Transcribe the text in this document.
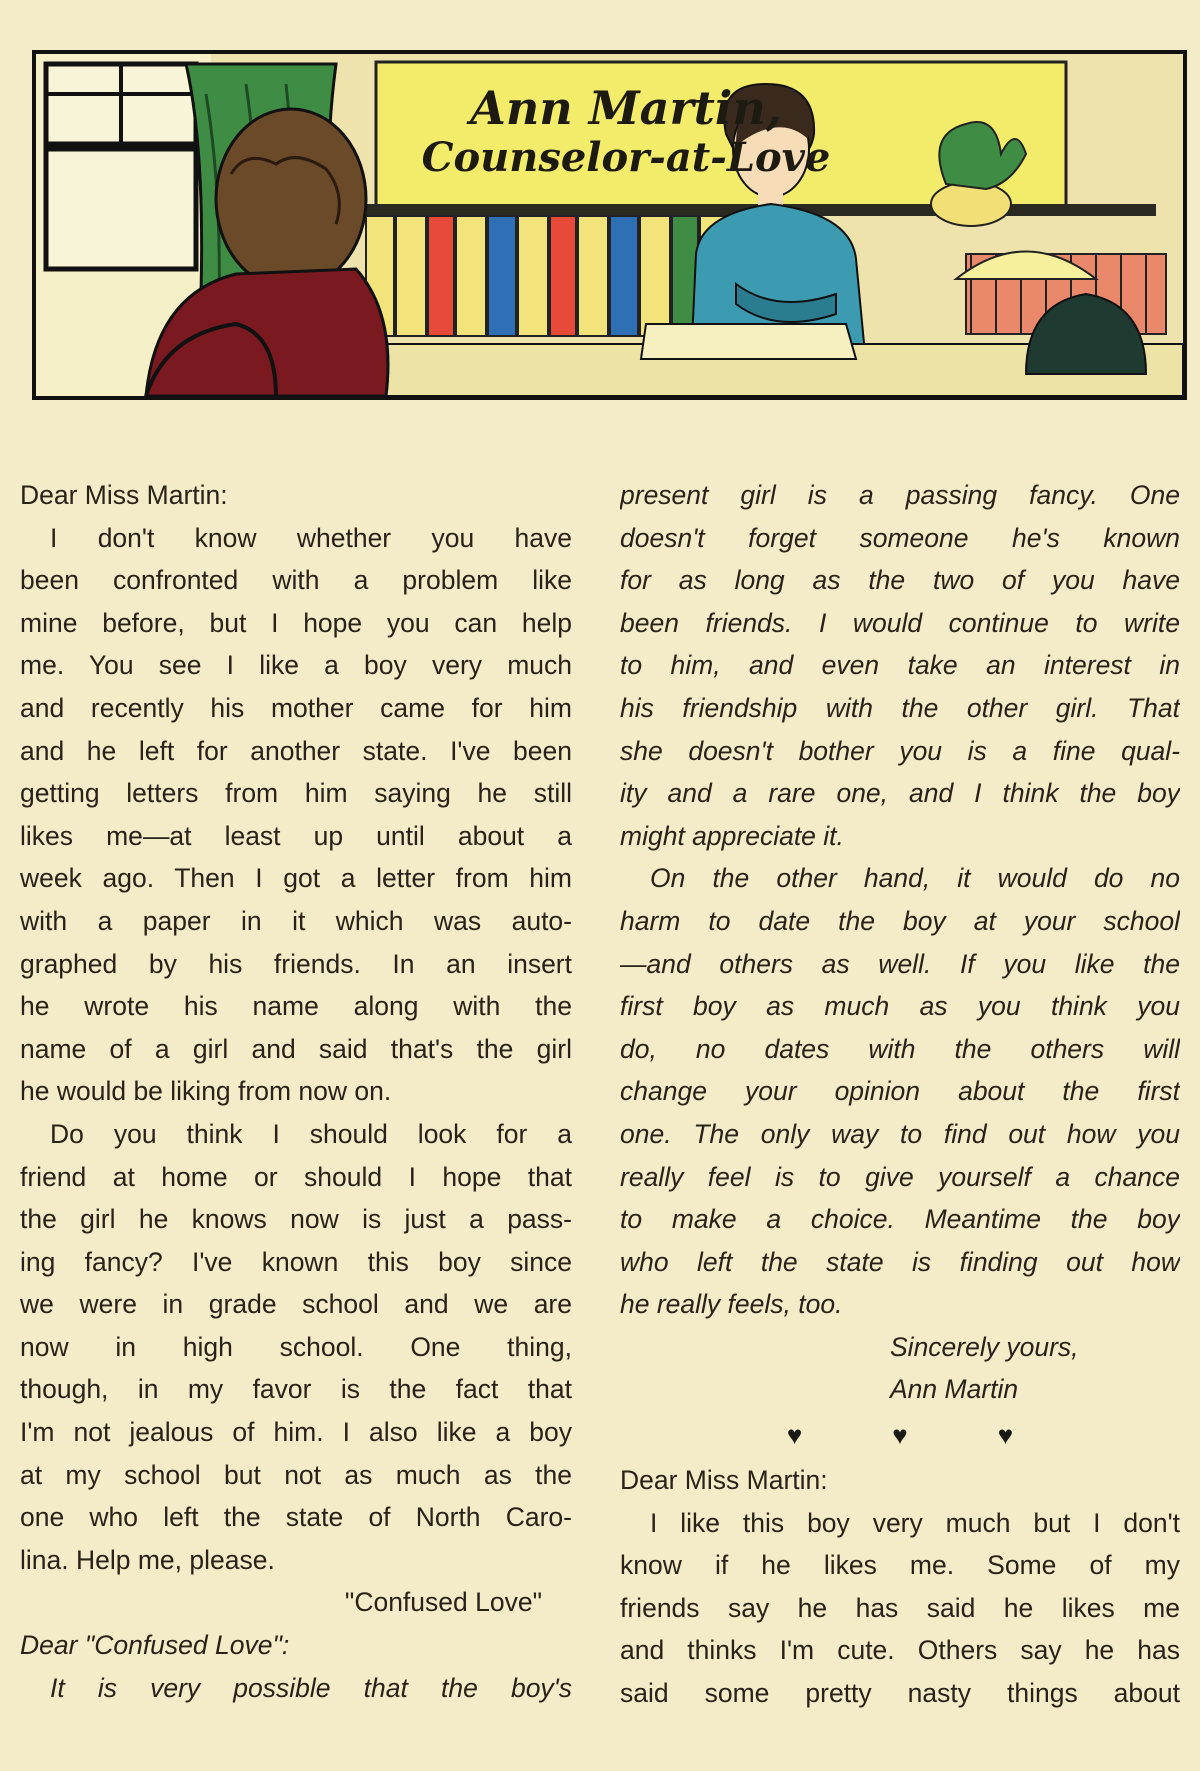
Ann Martin,
Counselor-at-Love
Dear Miss Martin:
I don't know whether you have
been confronted with a problem like
mine before, but I hope you can help
me. You see I like a boy very much
and recently his mother came for him
and he left for another state. I've been
getting letters from him saying he still
likes me—at least up until about a
week ago. Then I got a letter from him
with a paper in it which was auto-
graphed by his friends. In an insert
he wrote his name along with the
name of a girl and said that's the girl
he would be liking from now on.
Do you think I should look for a
friend at home or should I hope that
the girl he knows now is just a pass-
ing fancy? I've known this boy since
we were in grade school and we are
now in high school. One thing,
though, in my favor is the fact that
I'm not jealous of him. I also like a boy
at my school but not as much as the
one who left the state of North Caro-
lina. Help me, please.
"Confused Love"
Dear "Confused Love":
It is very possible that the boy's
present girl is a passing fancy. One
doesn't forget someone he's known
for as long as the two of you have
been friends. I would continue to write
to him, and even take an interest in
his friendship with the other girl. That
she doesn't bother you is a fine qual-
ity and a rare one, and I think the boy
might appreciate it.
On the other hand, it would do no
harm to date the boy at your school
—and others as well. If you like the
first boy as much as you think you
do, no dates with the others will
change your opinion about the first
one. The only way to find out how you
really feel is to give yourself a chance
to make a choice. Meantime the boy
who left the state is finding out how
he really feels, too.
Sincerely yours,
Ann Martin
♥	♥	♥
Dear Miss Martin:
I like this boy very much but I don't
know if he likes me. Some of my
friends say he has said he likes me
and thinks I'm cute. Others say he has
said some pretty nasty things about
